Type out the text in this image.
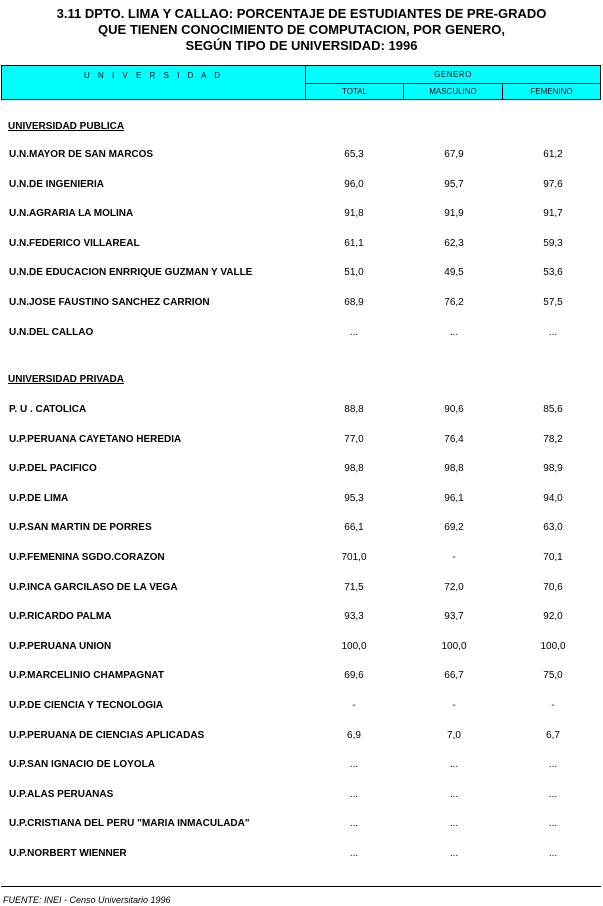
3.11 DPTO. LIMA Y CALLAO: PORCENTAJE DE ESTUDIANTES DE PRE-GRADO
QUE TIENEN CONOCIMIENTO DE COMPUTACION, POR GENERO,
SEGÚN TIPO DE UNIVERSIDAD: 1996
U N I V E R S I D A D	GENERO
TOTAL	MASCULINO	FEMENINO
UNIVERSIDAD PUBLICA
U.N.MAYOR DE SAN MARCOS	65,3	67,9	61,2
U.N.DE INGENIERIA	96,0	95,7	97,6
U.N.AGRARIA LA MOLINA	91,8	91,9	91,7
U.N.FEDERICO VILLAREAL	61,1	62,3	59,3
U.N.DE EDUCACION ENRRIQUE GUZMAN Y VALLE	51,0	49,5	53,6
U.N.JOSE FAUSTINO SANCHEZ CARRION	68,9	76,2	57,5
U.N.DEL CALLAO	...	...	...
UNIVERSIDAD PRIVADA
P. U . CATOLICA	88,8	90,6	85,6
U.P.PERUANA CAYETANO HEREDIA	77,0	76,4	78,2
U.P.DEL PACIFICO	98,8	98,8	98,9
U.P.DE LIMA	95,3	96,1	94,0
U.P.SAN MARTIN DE PORRES	66,1	69,2	63,0
U.P.FEMENINA SGDO.CORAZON	701,0	-	70,1
U.P.INCA GARCILASO DE LA VEGA	71,5	72,0	70,6
U.P.RICARDO PALMA	93,3	93,7	92,0
U.P.PERUANA UNION	100,0	100,0	100,0
U.P.MARCELINIO CHAMPAGNAT	69,6	66,7	75,0
U.P.DE CIENCIA Y TECNOLOGIA	-	-	-
U.P.PERUANA DE CIENCIAS APLICADAS	6,9	7,0	6,7
U.P.SAN IGNACIO DE LOYOLA	...	...	...
U.P.ALAS PERUANAS	...	...	...
U.P.CRISTIANA DEL PERU "MARIA INMACULADA"	...	...	...
U.P.NORBERT WIENNER	...	...	...
FUENTE: INEI - Censo Universitario 1996
